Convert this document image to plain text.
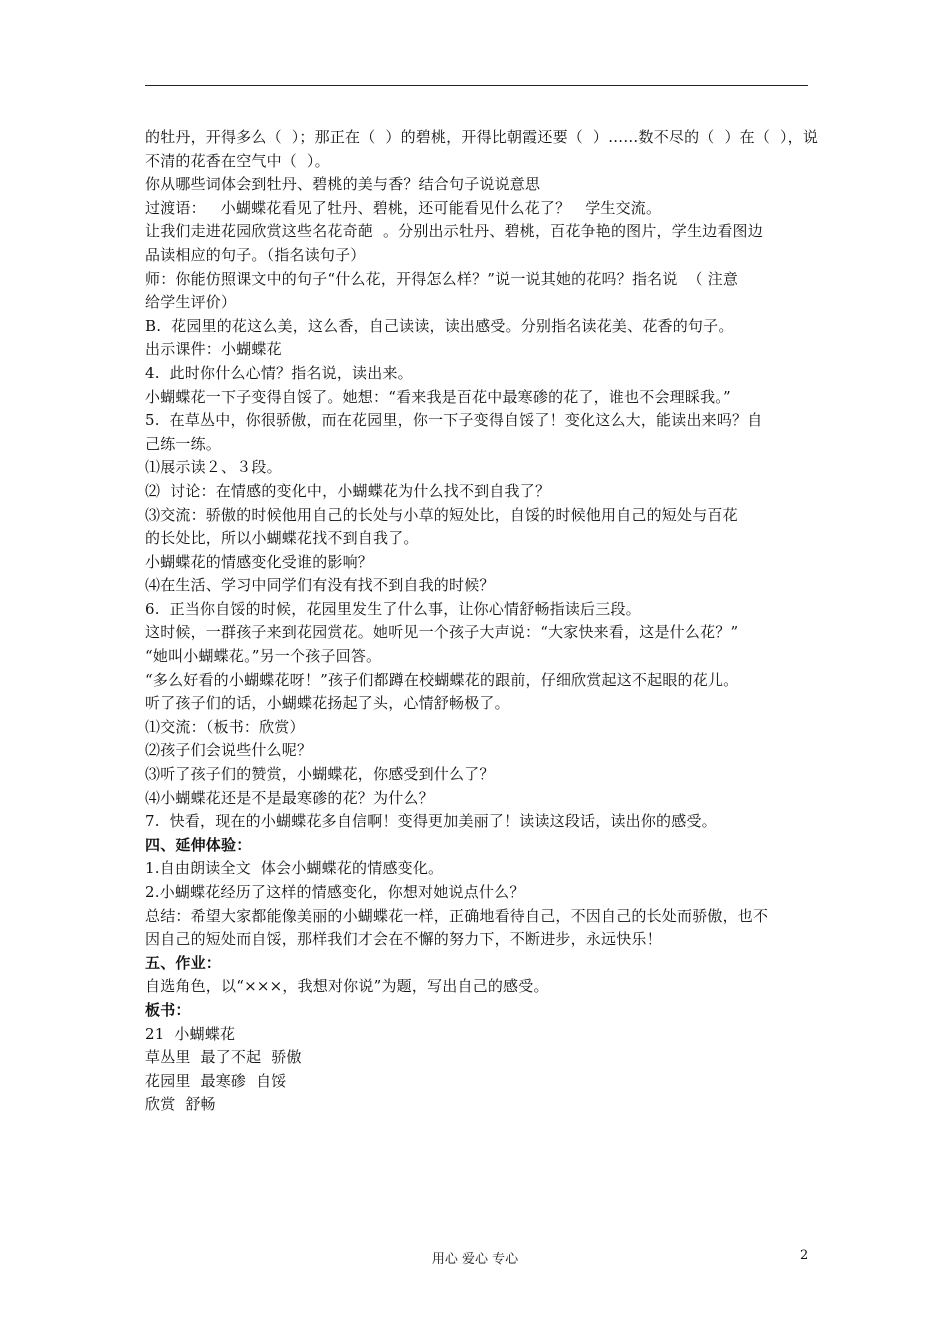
的牡丹，开得多么（  ）；那正在（  ）的碧桃，开得比朝霞还要（  ）……数不尽的（  ）在（  ），说
不清的花香在空气中（  ）。
你从哪些词体会到牡丹、碧桃的美与香？结合句子说说意思
过渡语：   小蝴蝶花看见了牡丹、碧桃，还可能看见什么花了？   学生交流。
让我们走进花园欣赏这些名花奇葩  。分别出示牡丹、碧桃，百花争艳的图片，学生边看图边
品读相应的句子。（指名读句子）
师：你能仿照课文中的句子“什么花，开得怎么样？”说一说其她的花吗？指名说  （ 注意
给学生评价）
B.  花园里的花这么美，这么香，自己读读，读出感受。分别指名读花美、花香的句子。
出示课件：小蝴蝶花
4.  此时你什么心情？指名说，读出来。
小蝴蝶花一下子变得自馁了。她想：“看来我是百花中最寒碜的花了，谁也不会理睬我。”
5.  在草丛中，你很骄傲，而在花园里，你一下子变得自馁了！变化这么大，能读出来吗？自
己练一练。
⑴展示读２、３段。
⑵  讨论：在情感的变化中，小蝴蝶花为什么找不到自我了？
⑶交流：骄傲的时候他用自己的长处与小草的短处比，自馁的时候他用自己的短处与百花
的长处比，所以小蝴蝶花找不到自我了。
小蝴蝶花的情感变化受谁的影响？
⑷在生活、学习中同学们有没有找不到自我的时候？
6.  正当你自馁的时候，花园里发生了什么事，让你心情舒畅指读后三段。
这时候，一群孩子来到花园赏花。她听见一个孩子大声说：“大家快来看，这是什么花？”
“她叫小蝴蝶花。”另一个孩子回答。
“多么好看的小蝴蝶花呀！”孩子们都蹲在校蝴蝶花的跟前，仔细欣赏起这不起眼的花儿。
听了孩子们的话，小蝴蝶花扬起了头，心情舒畅极了。
⑴交流：（板书：欣赏）
⑵孩子们会说些什么呢？
⑶听了孩子们的赞赏，小蝴蝶花，你感受到什么了？
⑷小蝴蝶花还是不是最寒碜的花？为什么？
7.  快看，现在的小蝴蝶花多自信啊！变得更加美丽了！读读这段话，读出你的感受。
四、延伸体验：
1.自由朗读全文  体会小蝴蝶花的情感变化。
2.小蝴蝶花经历了这样的情感变化，你想对她说点什么？
总结：希望大家都能像美丽的小蝴蝶花一样，正确地看待自己，不因自己的长处而骄傲，也不
因自己的短处而自馁，那样我们才会在不懈的努力下，不断进步，永远快乐！
五、作业：
自选角色，以“×××，我想对你说”为题，写出自己的感受。
板书：
21  小蝴蝶花
草丛里  最了不起  骄傲
花园里  最寒碜  自馁
欣赏  舒畅
用心 爱心 专心	2
